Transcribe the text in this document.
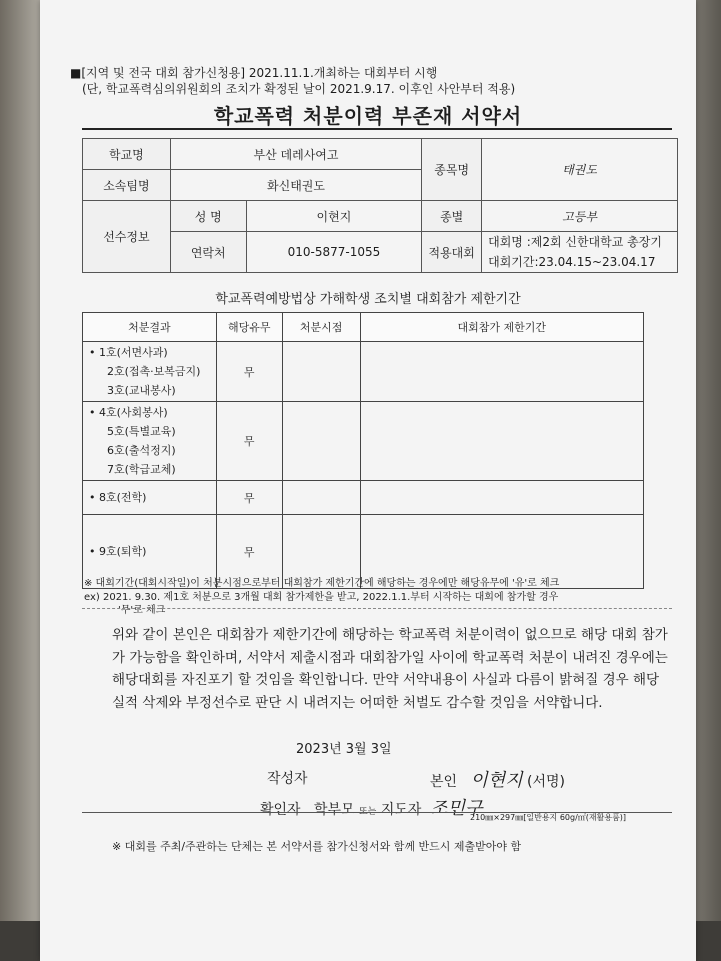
■[지역 및 전국 대회 참가신청용] 2021.11.1.개최하는 대회부터 시행
(단, 학교폭력심의위원회의 조치가 확정된 날이 2021.9.17. 이후인 사안부터 적용)
학교폭력 처분이력 부존재 서약서
학교명	부산 데레사여고		종목명	태권도
소속팀명	화신태권도			
선수정보	성 명	이현지	종별	고등부
	연락처	010-5877-1055	적용대회	대회명 :제2회 신한대학교 총장기
대회기간:23.04.15~23.04.17
학교폭력예방법상 가해학생 조치별 대회참가 제한기간
처분결과	해당유무	처분시점	대회참가 제한기간
• 1호(서면사과)
2호(접촉·보복금지)
3호(교내봉사)	무		
• 4호(사회봉사)
5호(특별교육)
6호(출석정지)
7호(학급교체)	무		
• 8호(전학)	무		
• 9호(퇴학)	무		
※ 대회기간(대회시작일)이 처분시점으로부터 대회참가 제한기간에 해당하는 경우에만 해당유무에 '유'로 체크
ex) 2021. 9.30. 제1호 처분으로 3개월 대회 참가제한을 받고, 2022.1.1.부터 시작하는 대회에 참가할 경우
'무'로 체크
위와 같이 본인은 대회참가 제한기간에 해당하는 학교폭력 처분이력이 없으므로 해당 대회 참가가 가능함을 확인하며, 서약서 제출시점과 대회참가일 사이에 학교폭력 처분이 내려진 경우에는 해당대회를 자진포기 할 것임을 확인합니다. 만약 서약내용이 사실과 다름이 밝혀질 경우 해당실적 삭제와 부정선수로 판단 시 내려지는 어떠한 처벌도 감수할 것임을 서약합니다.
2023년 3월 3일
작성자	본인 이현지 (서명)
확인자 학부모 또는 지도자 조민구
210㎜×297㎜[일반용지 60g/㎡(재활용품)]
※ 대회를 주최/주관하는 단체는 본 서약서를 참가신청서와 함께 반드시 제출받아야 함
